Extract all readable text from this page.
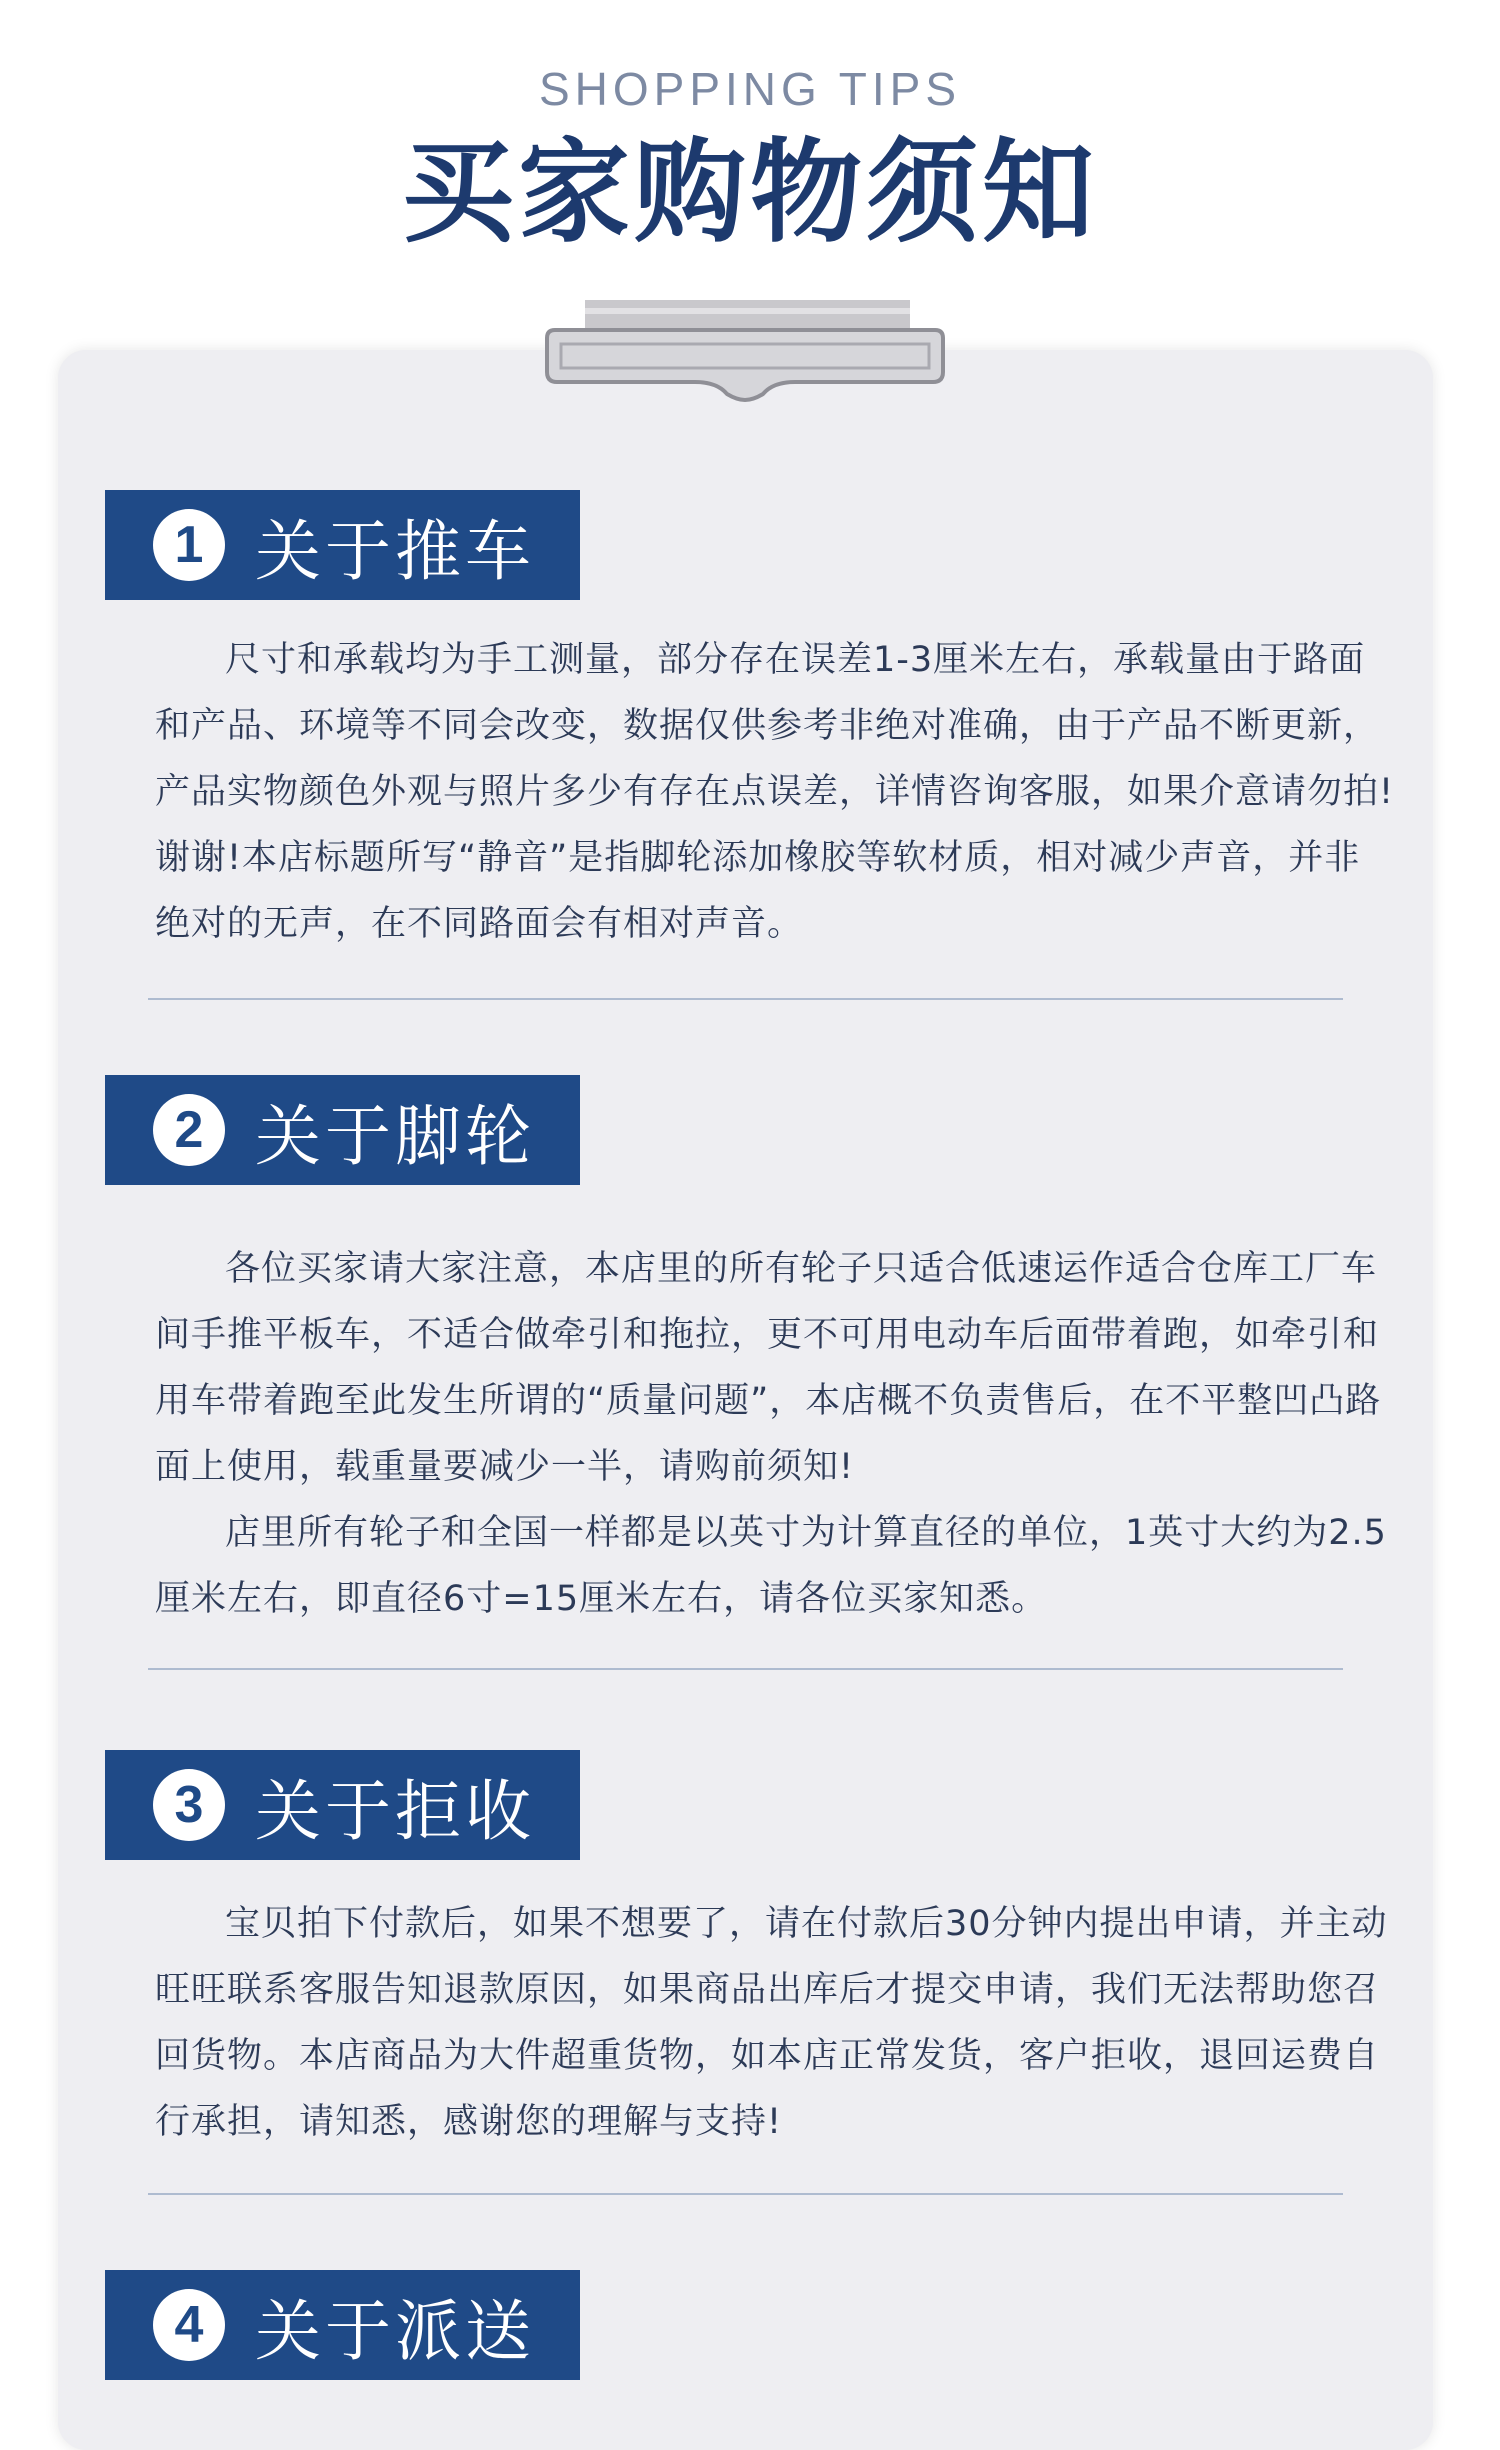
SHOPPING TIPS
买家购物须知
1 关于推车

尺寸和承载均为手工测量，部分存在误差1-3厘米左右，承载量由于路面和产品、环境等不同会改变，数据仅供参考非绝对准确，由于产品不断更新，产品实物颜色外观与照片多少有存在点误差，详情咨询客服，如果介意请勿拍!谢谢!本店标题所写“静音”是指脚轮添加橡胶等软材质，相对减少声音，并非绝对的无声，在不同路面会有相对声音。

2 关于脚轮

各位买家请大家注意，本店里的所有轮子只适合低速运作适合仓库工厂车间手推平板车，不适合做牵引和拖拉，更不可用电动车后面带着跑，如牵引和用车带着跑至此发生所谓的“质量问题”，本店概不负责售后，在不平整凹凸路面上使用，载重量要减少一半，请购前须知!

店里所有轮子和全国一样都是以英寸为计算直径的单位，1英寸大约为2.5厘米左右，即直径6寸=15厘米左右，请各位买家知悉。

3 关于拒收

宝贝拍下付款后，如果不想要了，请在付款后30分钟内提出申请，并主动旺旺联系客服告知退款原因，如果商品出库后才提交申请，我们无法帮助您召回货物。本店商品为大件超重货物，如本店正常发货，客户拒收，退回运费自行承担，请知悉，感谢您的理解与支持!

4 关于派送
